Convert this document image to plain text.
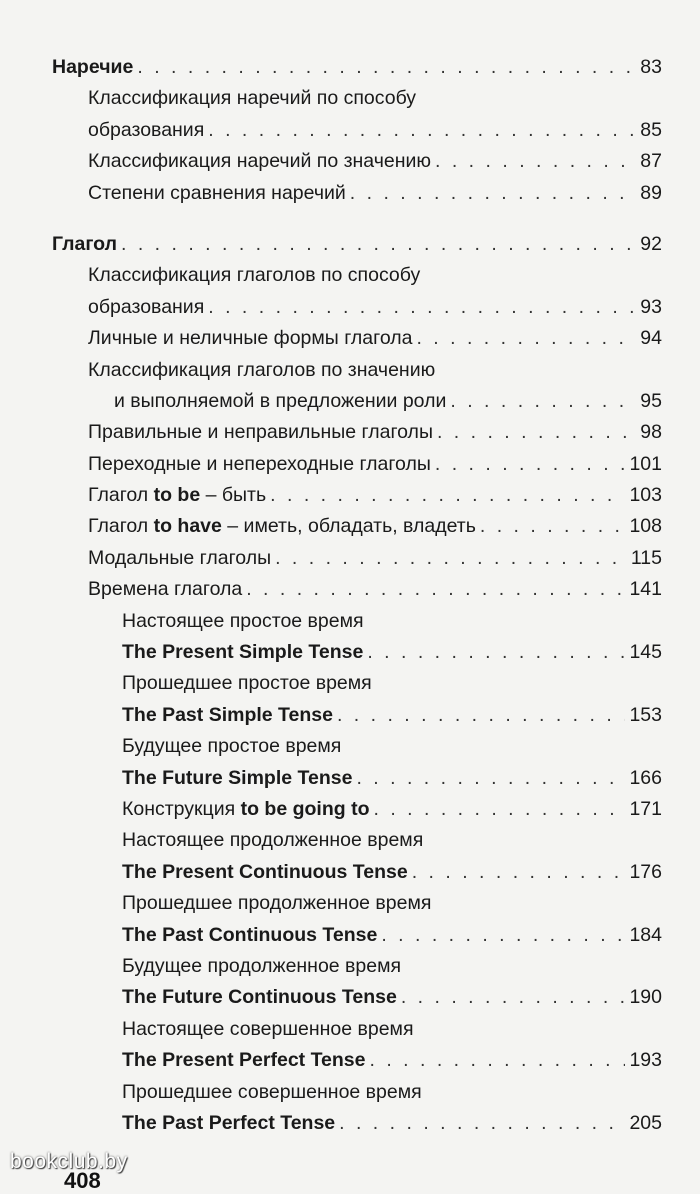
Наречие . . .	83
Классификация наречий по способу
образования . . .	85
Классификация наречий по значению . . .	87
Степени сравнения наречий . . .	89
Глагол . . .	92
Классификация глаголов по способу
образования . . .	93
Личные и неличные формы глагола . . .	94
Классификация глаголов по значению
и выполняемой в предложении роли . . .	95
Правильные и неправильные глаголы . . .	98
Переходные и непереходные глаголы . . .	101
Глагол to be – быть . . .	103
Глагол to have – иметь, обладать, владеть . . .	108
Модальные глаголы . . .	115
Времена глагола . . .	141
Настоящее простое время
The Present Simple Tense . . .	145
Прошедшее простое время
The Past Simple Tense . . .	153
Будущее простое время
The Future Simple Tense . . .	166
Конструкция to be going to . . .	171
Настоящее продолженное время
The Present Continuous Tense . . .	176
Прошедшее продолженное время
The Past Continuous Tense . . .	184
Будущее продолженное время
The Future Continuous Tense . . .	190
Настоящее совершенное время
The Present Perfect Tense . . .	193
Прошедшее совершенное время
The Past Perfect Tense . . .	205
bookclub.by
408
